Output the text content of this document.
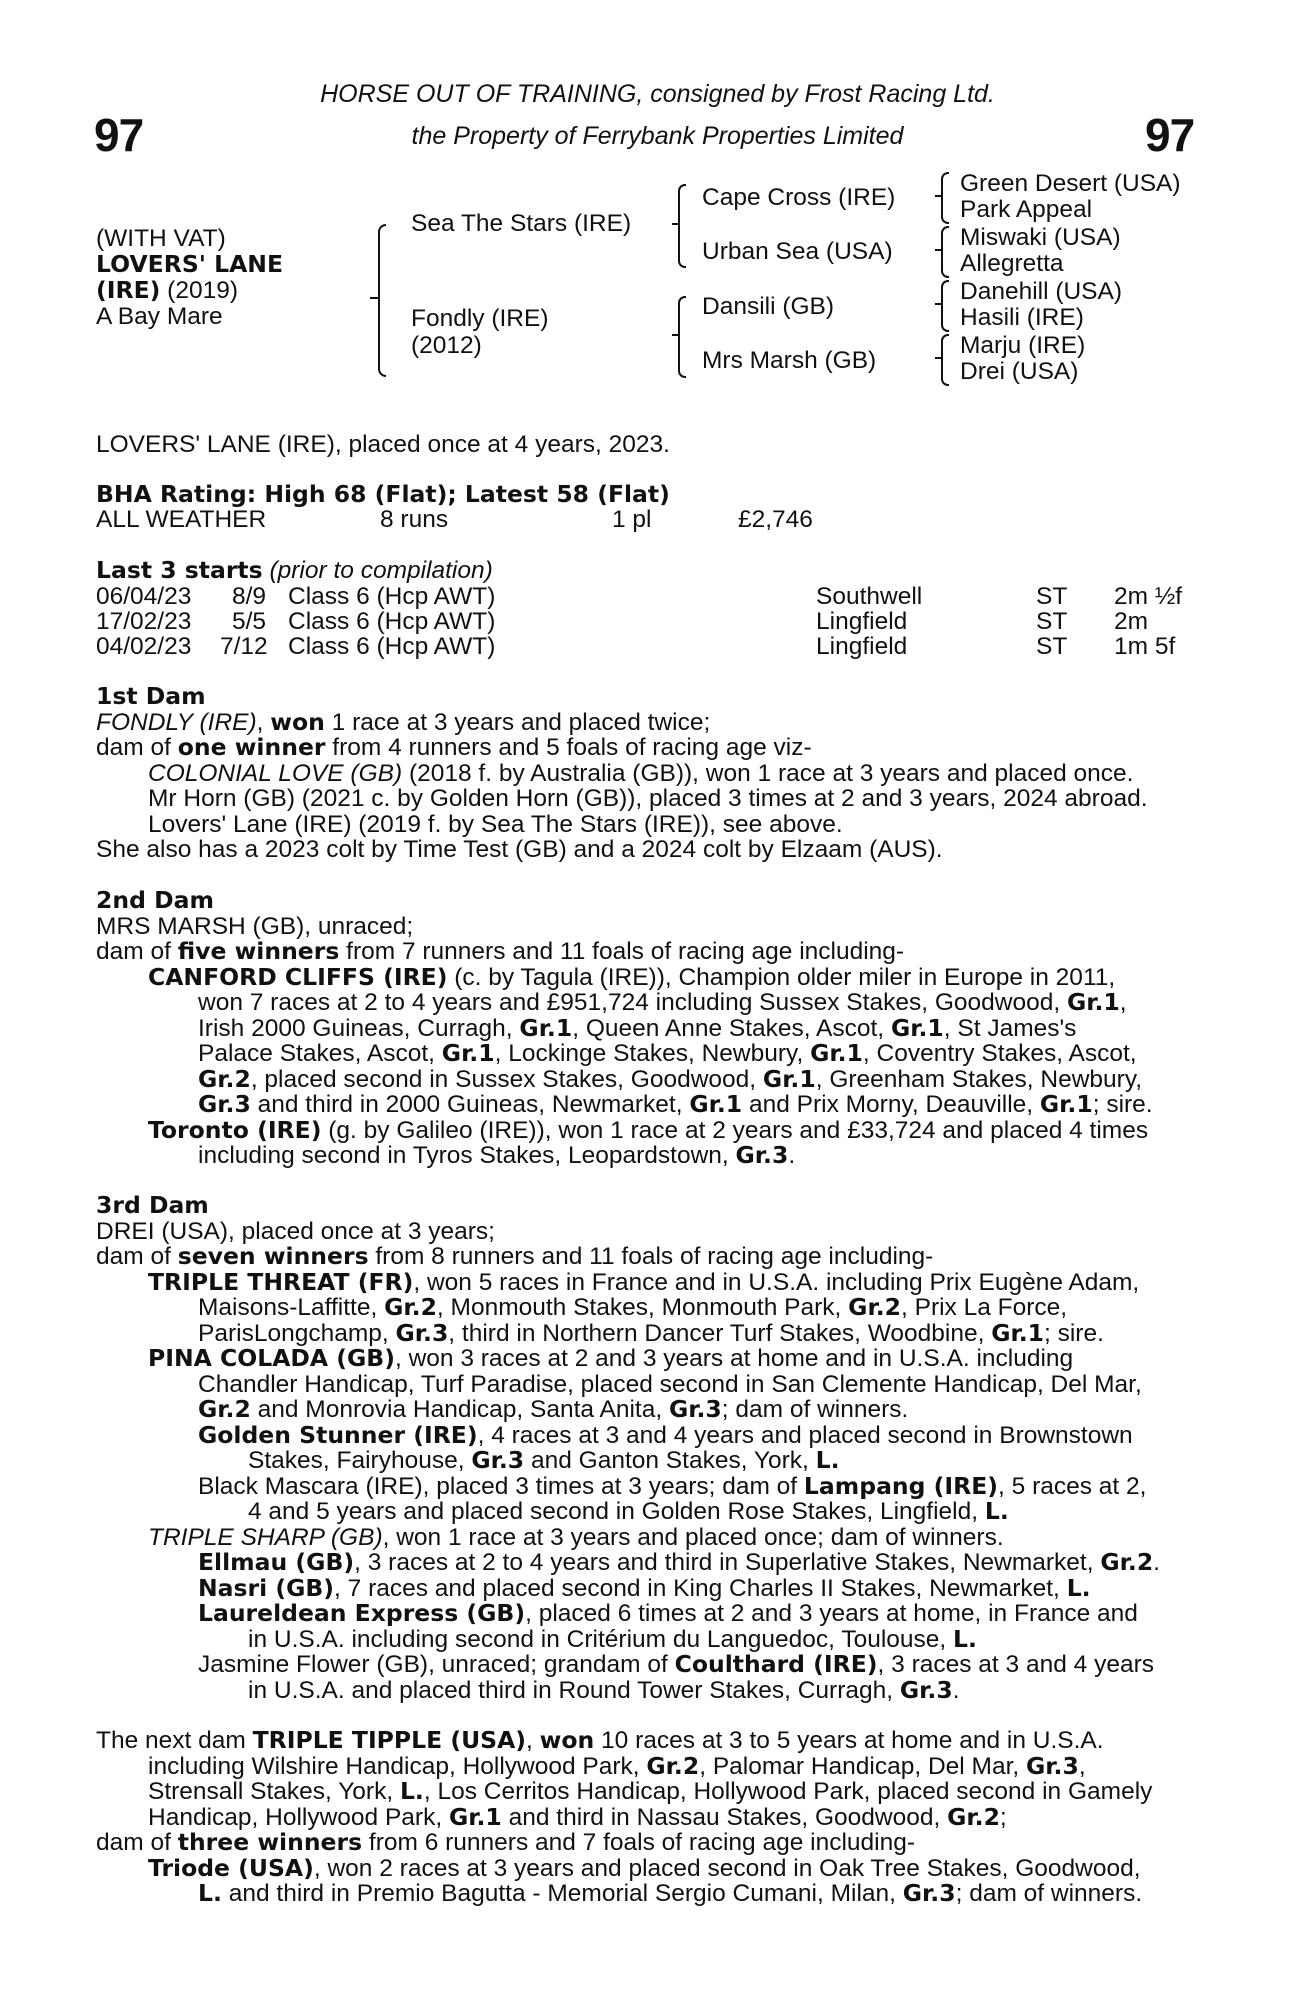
97	97
HORSE OUT OF TRAINING, consigned by Frost Racing Ltd.
the Property of Ferrybank Properties Limited
(WITH VAT)
LOVERS' LANE
(IRE) (2019)
A Bay Mare
Sea The Stars (IRE)
Fondly (IRE)
(2012)
Cape Cross (IRE)
Urban Sea (USA)
Dansili (GB)
Mrs Marsh (GB)
Green Desert (USA)
Park Appeal
Miswaki (USA)
Allegretta
Danehill (USA)
Hasili (IRE)
Marju (IRE)
Drei (USA)
LOVERS' LANE (IRE), placed once at 4 years, 2023.
BHA Rating: High 68 (Flat); Latest 58 (Flat)
ALL WEATHER	8 runs	1 pl	£2,746
Last 3 starts (prior to compilation)
06/04/23 8/9 Class 6 (Hcp AWT)	Southwell	ST 2m ½f
17/02/23 5/5 Class 6 (Hcp AWT)	Lingfield	ST 2m
04/02/23 7/12 Class 6 (Hcp AWT)	Lingfield	ST 1m 5f

1st Dam

FONDLY (IRE), won 1 race at 3 years and placed twice;

dam of one winner from 4 runners and 5 foals of racing age viz-

COLONIAL LOVE (GB) (2018 f. by Australia (GB)), won 1 race at 3 years and placed once.

Mr Horn (GB) (2021 c. by Golden Horn (GB)), placed 3 times at 2 and 3 years, 2024 abroad.

Lovers' Lane (IRE) (2019 f. by Sea The Stars (IRE)), see above.

She also has a 2023 colt by Time Test (GB) and a 2024 colt by Elzaam (AUS).

2nd Dam

MRS MARSH (GB), unraced;

dam of five winners from 7 runners and 11 foals of racing age including-

CANFORD CLIFFS (IRE) (c. by Tagula (IRE)), Champion older miler in Europe in 2011,

won 7 races at 2 to 4 years and £951,724 including Sussex Stakes, Goodwood, Gr.1,

Irish 2000 Guineas, Curragh, Gr.1, Queen Anne Stakes, Ascot, Gr.1, St James's

Palace Stakes, Ascot, Gr.1, Lockinge Stakes, Newbury, Gr.1, Coventry Stakes, Ascot,

Gr.2, placed second in Sussex Stakes, Goodwood, Gr.1, Greenham Stakes, Newbury,

Gr.3 and third in 2000 Guineas, Newmarket, Gr.1 and Prix Morny, Deauville, Gr.1; sire.

Toronto (IRE) (g. by Galileo (IRE)), won 1 race at 2 years and £33,724 and placed 4 times

including second in Tyros Stakes, Leopardstown, Gr.3.

3rd Dam

DREI (USA), placed once at 3 years;

dam of seven winners from 8 runners and 11 foals of racing age including-

TRIPLE THREAT (FR), won 5 races in France and in U.S.A. including Prix Eugène Adam,

Maisons-Laffitte, Gr.2, Monmouth Stakes, Monmouth Park, Gr.2, Prix La Force,

ParisLongchamp, Gr.3, third in Northern Dancer Turf Stakes, Woodbine, Gr.1; sire.

PINA COLADA (GB), won 3 races at 2 and 3 years at home and in U.S.A. including

Chandler Handicap, Turf Paradise, placed second in San Clemente Handicap, Del Mar,

Gr.2 and Monrovia Handicap, Santa Anita, Gr.3; dam of winners.

Golden Stunner (IRE), 4 races at 3 and 4 years and placed second in Brownstown

Stakes, Fairyhouse, Gr.3 and Ganton Stakes, York, L.

Black Mascara (IRE), placed 3 times at 3 years; dam of Lampang (IRE), 5 races at 2,

4 and 5 years and placed second in Golden Rose Stakes, Lingfield, L.

TRIPLE SHARP (GB), won 1 race at 3 years and placed once; dam of winners.

Ellmau (GB), 3 races at 2 to 4 years and third in Superlative Stakes, Newmarket, Gr.2.

Nasri (GB), 7 races and placed second in King Charles II Stakes, Newmarket, L.

Laureldean Express (GB), placed 6 times at 2 and 3 years at home, in France and

in U.S.A. including second in Critérium du Languedoc, Toulouse, L.

Jasmine Flower (GB), unraced; grandam of Coulthard (IRE), 3 races at 3 and 4 years

in U.S.A. and placed third in Round Tower Stakes, Curragh, Gr.3.

The next dam TRIPLE TIPPLE (USA), won 10 races at 3 to 5 years at home and in U.S.A.

including Wilshire Handicap, Hollywood Park, Gr.2, Palomar Handicap, Del Mar, Gr.3,

Strensall Stakes, York, L., Los Cerritos Handicap, Hollywood Park, placed second in Gamely

Handicap, Hollywood Park, Gr.1 and third in Nassau Stakes, Goodwood, Gr.2;

dam of three winners from 6 runners and 7 foals of racing age including-

Triode (USA), won 2 races at 3 years and placed second in Oak Tree Stakes, Goodwood,

L. and third in Premio Bagutta - Memorial Sergio Cumani, Milan, Gr.3; dam of winners.
